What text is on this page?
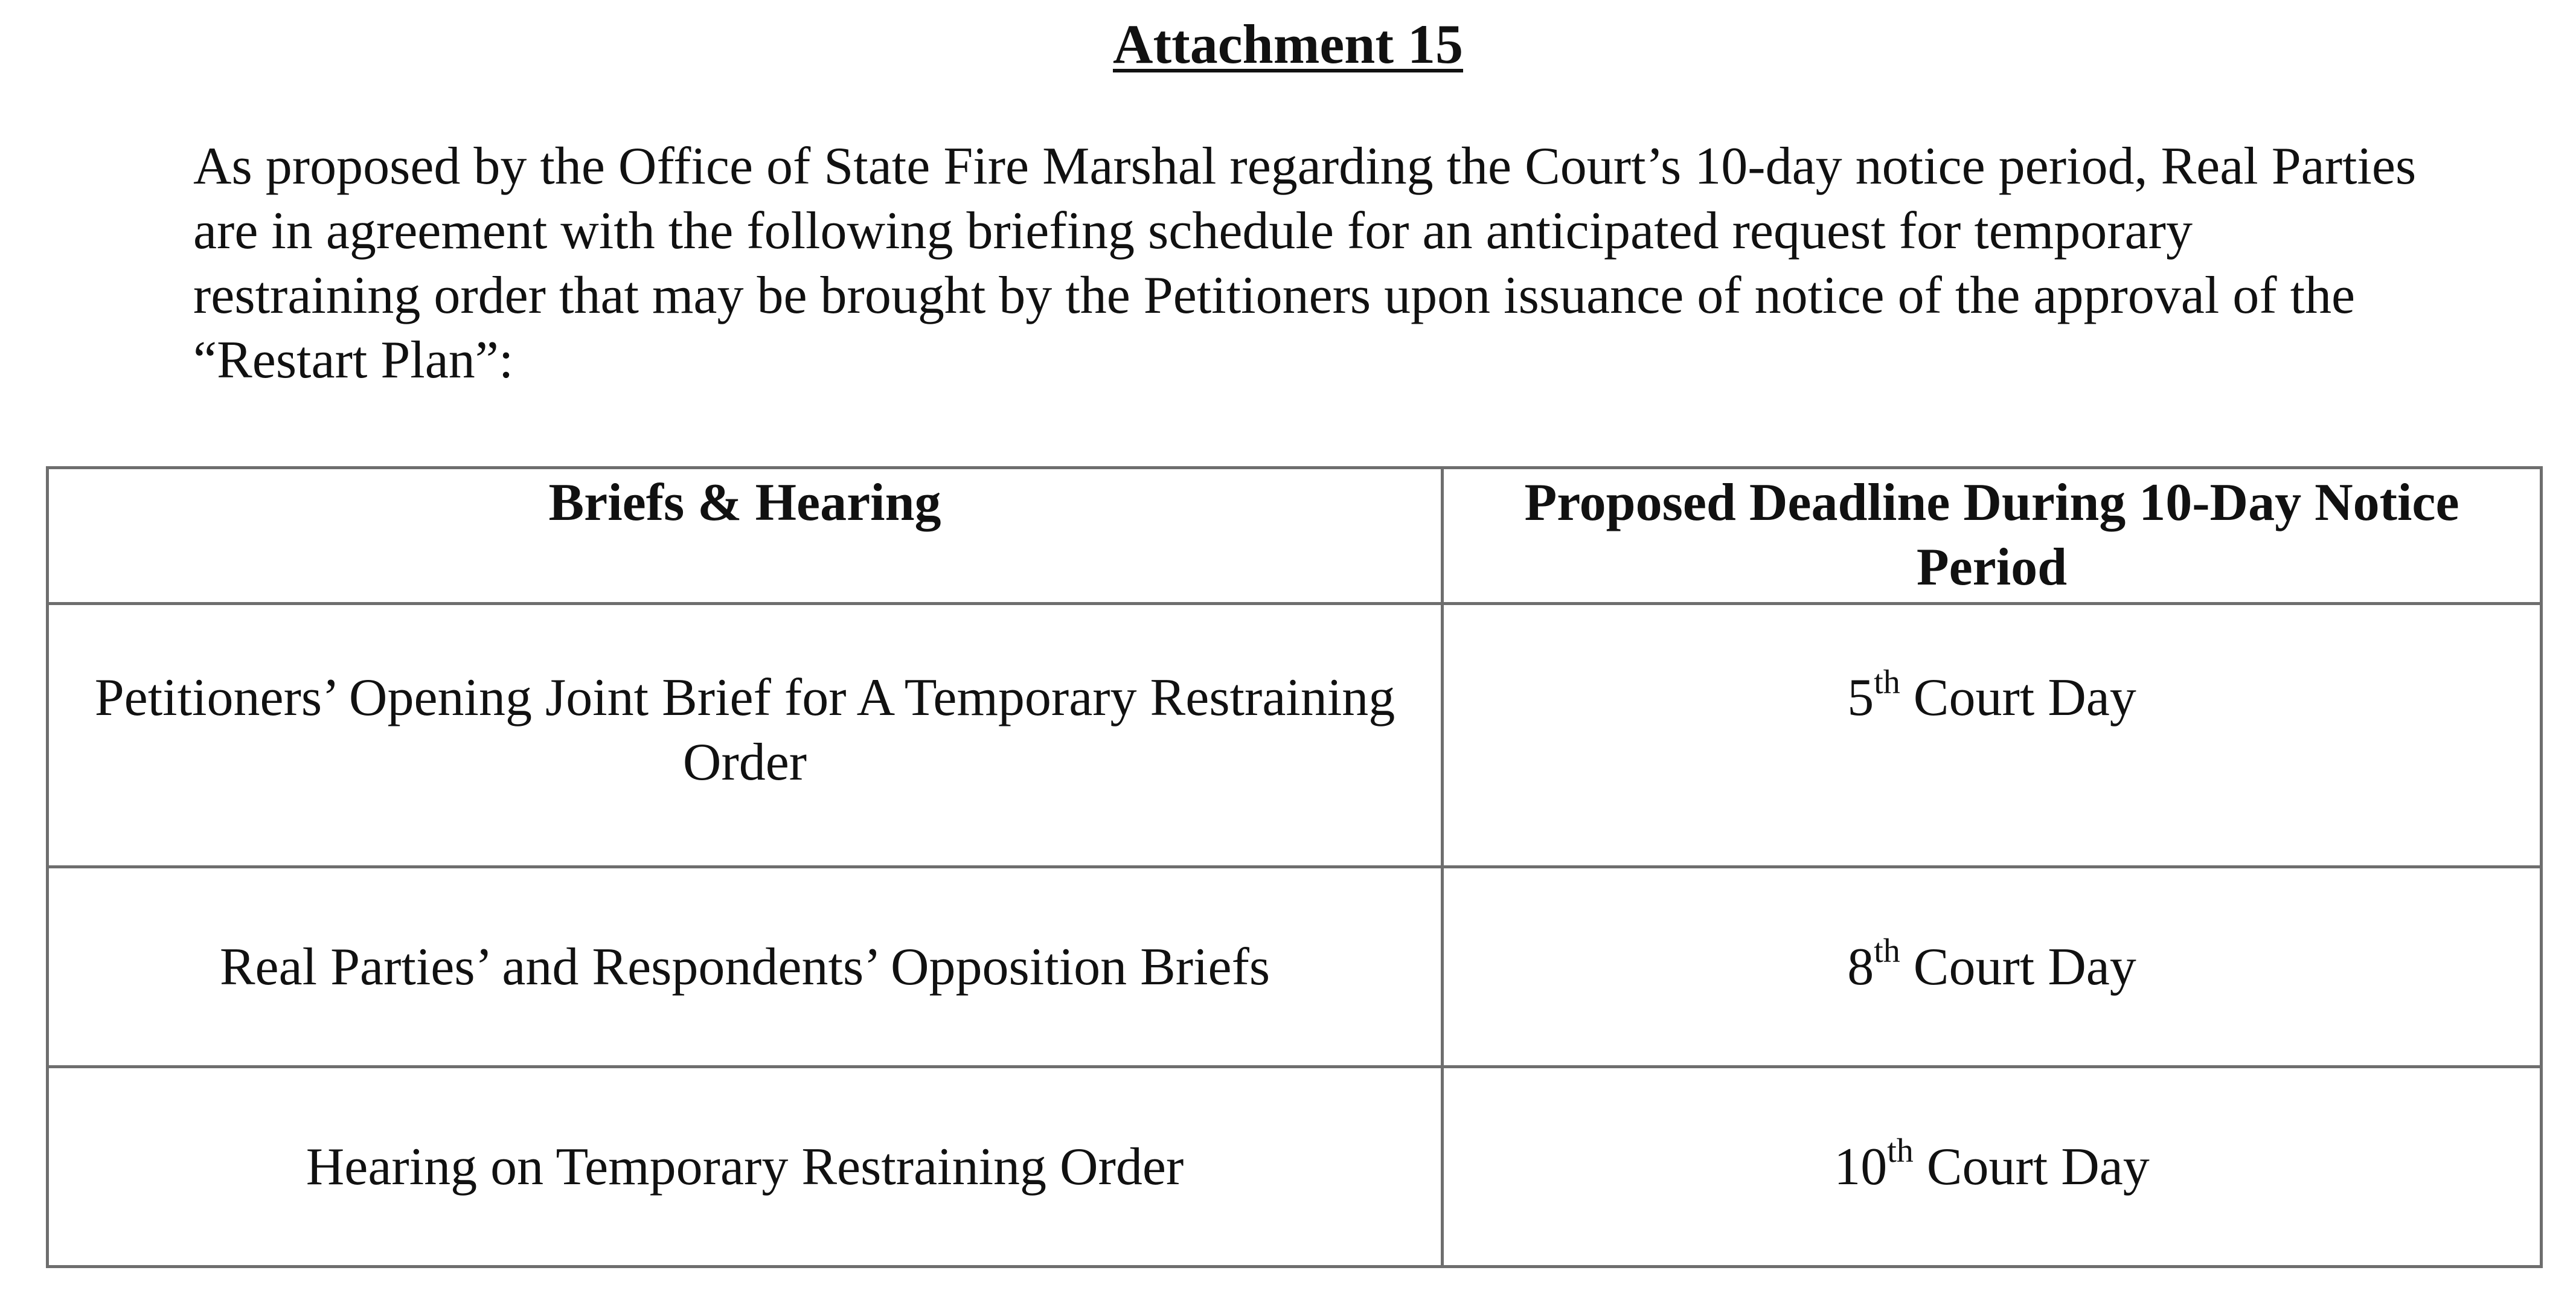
Attachment 15

As proposed by the Office of State Fire Marshal regarding the Court’s 10-day notice period, Real Parties are in agreement with the following briefing schedule for an anticipated request for temporary restraining order that may be brought by the Petitioners upon issuance of notice of the approval of the “Restart Plan”:

Briefs & Hearing	Proposed Deadline During 10-Day Notice Period
Petitioners’ Opening Joint Brief for A Temporary Restraining Order	5th Court Day
Real Parties’ and Respondents’ Opposition Briefs	8th Court Day
Hearing on Temporary Restraining Order	10th Court Day
